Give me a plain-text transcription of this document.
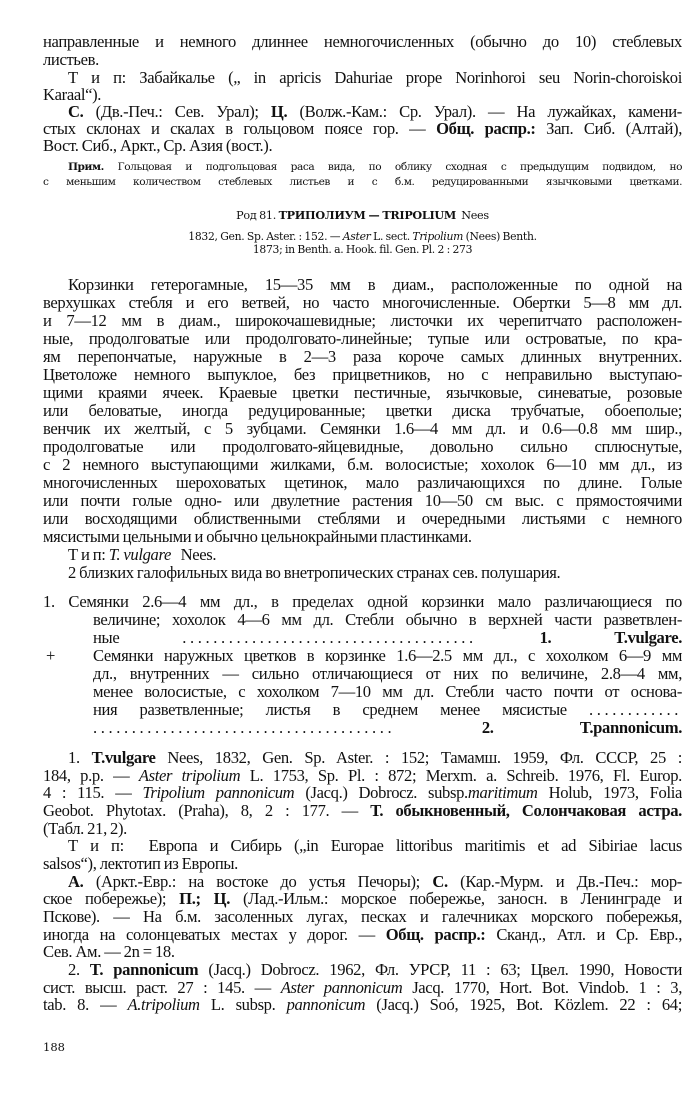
направленные и немного длиннее немногочисленных (обычно до 10) стеблевых
листьев.
Т и п: Забайкалье („ in apricis Dahuriae prope Norinhoroi seu Norin-choroiskoi
Karaal“).
С. (Дв.-Печ.: Сев. Урал); Ц. (Волж.-Кам.: Ср. Урал). — На лужайках, камени-
стых склонах и скалах в гольцовом поясе гор. — Общ. распр.: Зап. Сиб. (Алтай),
Вост. Сиб., Аркт., Ср. Азия (вост.).
Прим. Гольцовая и подгольцовая раса вида, по облику сходная с предыдущим подвидом, но
с меньшим количеством стеблевых листьев и с б.м. редуцированными язычковыми цветками.
Род 81. ТРИПОЛИУМ — TRIPOLIUM Nees
1832, Gen. Sp. Aster. : 152. — Aster L. sect. Tripolium (Nees) Benth.
1873; in Benth. a. Hook. fil. Gen. Pl. 2 : 273
Корзинки гетерогамные, 15—35 мм в диам., расположенные по одной на
верхушках стебля и его ветвей, но часто многочисленные. Обертки 5—8 мм дл.
и 7—12 мм в диам., широкочашевидные; листочки их черепитчато расположен-
ные, продолговатые или продолговато-линейные; тупые или островатые, по кра-
ям перепончатые, наружные в 2—3 раза короче самых длинных внутренних.
Цветоложе немного выпуклое, без прицветников, но с неправильно выступаю-
щими краями ячеек. Краевые цветки пестичные, язычковые, синеватые, розовые
или беловатые, иногда редуцированные; цветки диска трубчатые, обоеполые;
венчик их желтый, с 5 зубцами. Семянки 1.6—4 мм дл. и 0.6—0.8 мм шир.,
продолговатые или продолговато-яйцевидные, довольно сильно сплюснутые,
с 2 немного выступающими жилками, б.м. волосистые; хохолок 6—10 мм дл., из
многочисленных шероховатых щетинок, мало различающихся по длине. Голые
или почти голые одно- или двулетние растения 10—50 см выс. с прямостоячими
или восходящими облиственными стеблями и очередными листьями с немного
мясистыми цельными и обычно цельнокрайными пластинками.
Т и п: T. vulgare Nees.
2 близких галофильных вида во внетропических странах сев. полушария.
1. Семянки 2.6—4 мм дл., в пределах одной корзинки мало различающиеся по
величине; хохолок 4—6 мм дл. Стебли обычно в верхней части разветвлен-
ные	......................................	1. T.vulgare.
+	Семянки наружных цветков в корзинке 1.6—2.5 мм дл., с хохолком 6—9 мм
дл., внутренних — сильно отличающиеся от них по величине, 2.8—4 мм,
менее волосистые, с хохолком 7—10 мм дл. Стебли часто почти от основа-
ния разветвленные; листья в среднем менее мясистые ............
.......................................	2. T.pannonicum.
1. T.vulgare Nees, 1832, Gen. Sp. Aster. : 152; Тамамш. 1959, Фл. СССР, 25 :
184, p.p. — Aster tripolium L. 1753, Sp. Pl. : 872; Merxm. a. Schreib. 1976, Fl. Europ.
4 : 115. — Tripolium pannonicum (Jacq.) Dobrocz. subsp.maritimum Holub, 1973, Folia
Geobot. Phytotax. (Praha), 8, 2 : 177. — Т. обыкновенный, Солончаковая астра.
(Табл. 21, 2).
Т и п: Европа и Сибирь („in Europae littoribus maritimis et ad Sibiriae lacus
salsos“), лектотип из Европы.
А. (Аркт.-Евр.: на востоке до устья Печоры); С. (Кар.-Мурм. и Дв.-Печ.: мор-
ское побережье); П.; Ц. (Лад.-Ильм.: морское побережье, заносн. в Ленинграде и
Пскове). — На б.м. засоленных лугах, песках и галечниках морского побережья,
иногда на солонцеватых местах у дорог. — Общ. распр.: Сканд., Атл. и Ср. Евр.,
Сев. Ам. — 2n = 18.
2. T. pannonicum (Jacq.) Dobrocz. 1962, Фл. УРСР, 11 : 63; Цвел. 1990, Новости
сист. высш. раст. 27 : 145. — Aster pannonicum Jacq. 1770, Hort. Bot. Vindob. 1 : 3,
tab. 8. — A.tripolium L. subsp. pannonicum (Jacq.) Soó, 1925, Bot. Közlem. 22 : 64;
188
